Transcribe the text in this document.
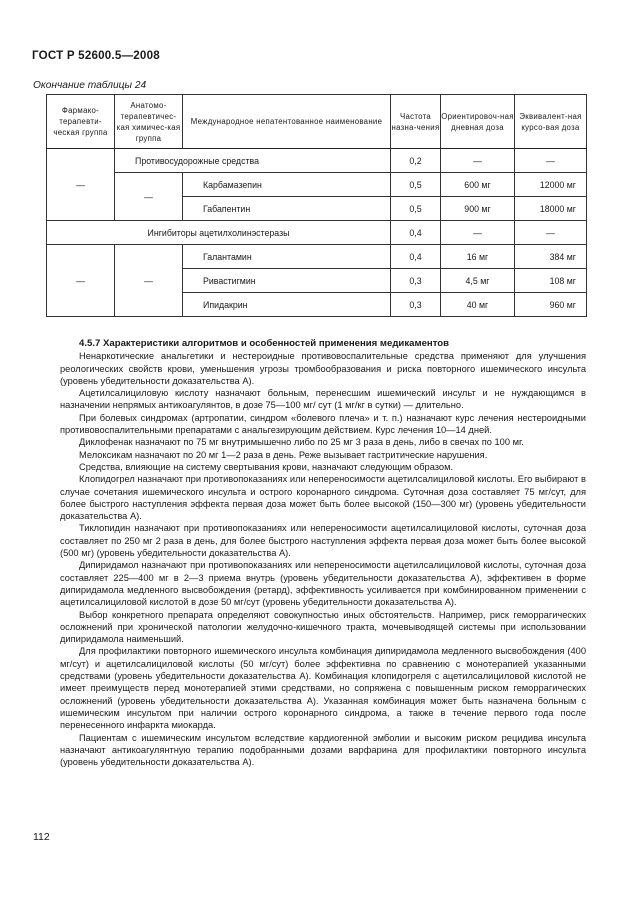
ГОСТ Р 52600.5—2008
Окончание таблицы 24
Фармако-терапевти-ческая группа	Анатомо-терапевтичес-кая химичес-кая группа	Международное непатентованное наименование	Частота назна-чения	Ориентировоч-ная дневная доза	Эквивалент-ная курсо-вая доза
—	Противосудорожные средства		0,2	—	—
	—	Карбамазепин	0,5	600 мг	12000 мг
		Габапентин	0,5	900 мг	18000 мг
Ингибиторы ацетилхолинэстеразы			0,4	—	—
—	—	Галантамин	0,4	16 мг	384 мг
		Ривастигмин	0,3	4,5 мг	108 мг
		Ипидакрин	0,3	40 мг	960 мг
4.5.7 Характеристики алгоритмов и особенностей применения медикаментов

Ненаркотические анальгетики и нестероидные противовоспалительные средства применяют для улучшения реологических свойств крови, уменьшения угрозы тромбообразования и риска повторного ишемического инсульта (уровень убедительности доказательства А).

Ацетилсалициловую кислоту назначают больным, перенесшим ишемический инсульт и не нуждающимся в назначении непрямых антикоагулянтов, в дозе 75—100 мг/ сут (1 мг/кг в сутки) — длительно.

При болевых синдромах (артропатии, синдром «болевого плеча» и т. п.) назначают курс лечения нестероидными противовоспалительными препаратами с анальгезирующим действием. Курс лечения 10—14 дней.

Диклофенак назначают по 75 мг внутримышечно либо по 25 мг 3 раза в день, либо в свечах по 100 мг.

Мелоксикам назначают по 20 мг 1—2 раза в день. Реже вызывает гастритические нарушения.

Средства, влияющие на систему свертывания крови, назначают следующим образом.

Клопидогрел назначают при противопоказаниях или непереносимости ацетилсалициловой кислоты. Его выбирают в случае сочетания ишемического инсульта и острого коронарного синдрома. Суточная доза составляет 75 мг/сут, для более быстрого наступления эффекта первая доза может быть более высокой (150—300 мг) (уровень убедительности доказательства А).

Тиклопидин назначают при противопоказаниях или непереносимости ацетилсалициловой кислоты, суточная доза составляет по 250 мг 2 раза в день, для более быстрого наступления эффекта первая доза может быть более высокой (500 мг) (уровень убедительности доказательства А).

Дипиридамол назначают при противопоказаниях или непереносимости ацетилсалициловой кислоты, суточная доза составляет 225—400 мг в 2—3 приема внутрь (уровень убедительности доказательства А), эффективен в форме дипиридамола медленного высвобождения (ретард), эффективность усиливается при комбинированном применении с ацетилсалициловой кислотой в дозе 50 мг/сут (уровень убедительности доказательства А).

Выбор конкретного препарата определяют совокупностью иных обстоятельств. Например, риск геморрагических осложнений при хронической патологии желудочно-кишечного тракта, мочевыводящей системы при использовании дипиридамола наименьший.

Для профилактики повторного ишемического инсульта комбинация дипиридамола медленного высвобождения (400 мг/сут) и ацетилсалициловой кислоты (50 мг/сут) более эффективна по сравнению с монотерапией указанными средствами (уровень убедительности доказательства А). Комбинация клопидогреля с ацетилсалициловой кислотой не имеет преимуществ перед монотерапией этими средствами, но сопряжена с повышенным риском геморрагических осложнений (уровень убедительности доказательства А). Указанная комбинация может быть назначена больным с ишемическим инсультом при наличии острого коронарного синдрома, а также в течение первого года после перенесенного инфаркта миокарда.

Пациентам с ишемическим инсультом вследствие кардиогенной эмболии и высоким риском рецидива инсульта назначают антикоагулянтную терапию подобранными дозами варфарина для профилактики повторного инсульта (уровень убедительности доказательства А).

112
